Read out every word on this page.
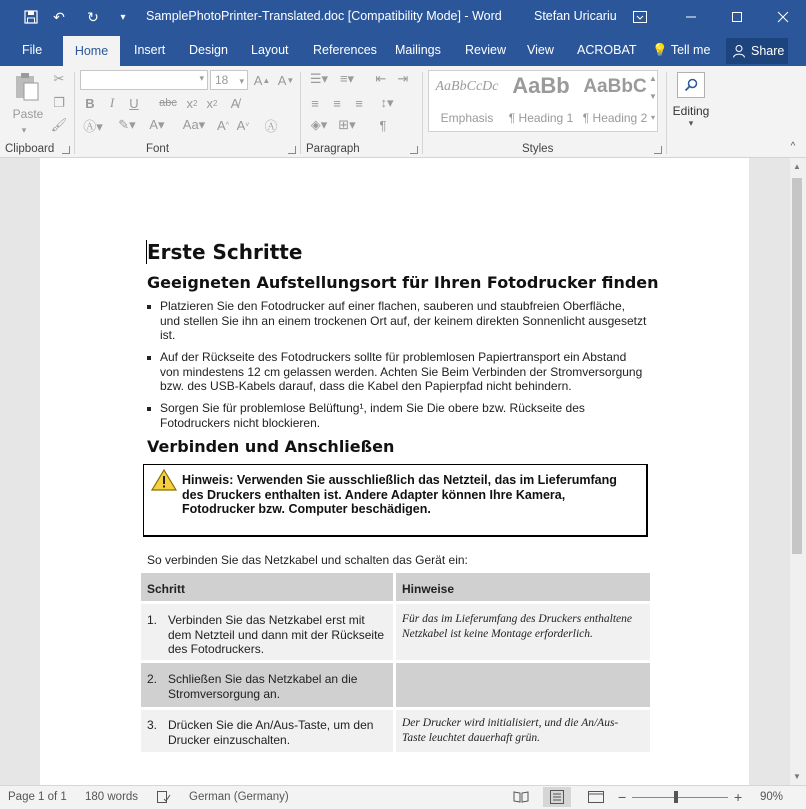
↶ ↻	▾	SamplePhotoPrinter-Translated.doc [Compatibility Mode] - Word	Stefan Uricariu
File	Home	Insert Design Layout References Mailings Review View ACROBAT 💡 Tell me	Share
Paste
▾
✂
❐
🖌
Clipboard
▾ 18 ▾ A ▲ A ▼
B	I	U	abc x 2 x 2	A̸
Ⓐ▾	✎▾	A▾	Aa▾ A ^ A ˅	Ⓐ
Font
☰▾ ≡▾	⇤ ⇥
≡	≡	≡	↕▾
◈▾ ⊞▾	¶
Paragraph
AaBbCcDc
Emphasis
AaBb
¶ Heading 1
AaBbC
¶ Heading 2
▲
▼
▾
Styles
Editing
▾
^
Erste Schritte
Geeigneten Aufstellungsort für Ihren Fotodrucker finden
Platzieren Sie den Fotodrucker auf einer flachen, sauberen und staubfreien Oberfläche, und stellen Sie ihn an einem trockenen Ort auf, der keinem direkten Sonnenlicht ausgesetzt ist.
Auf der Rückseite des Fotodruckers sollte für problemlosen Papiertransport ein Abstand von mindestens 12 cm gelassen werden. Achten Sie Beim Verbinden der Stromversorgung bzw. des USB-Kabels darauf, dass die Kabel den Papierpfad nicht behindern.
Sorgen Sie für problemlose Belüftung¹, indem Sie Die obere bzw. Rückseite des Fotodruckers nicht blockieren.
Verbinden und Anschließen
Hinweis: Verwenden Sie ausschließlich das Netzteil, das im Lieferumfang des Druckers enthalten ist. Andere Adapter können Ihre Kamera, Fotodrucker bzw. Computer beschädigen.
So verbinden Sie das Netzkabel und schalten das Gerät ein:
Schritt	Hinweise
1. Verbinden Sie das Netzkabel erst mit dem Netzteil und dann mit der Rückseite des Fotodruckers.
Für das im Lieferumfang des Druckers enthaltene Netzkabel ist keine Montage erforderlich.
2. Schließen Sie das Netzkabel an die Stromversorgung an.
3. Drücken Sie die An/Aus-Taste, um den Drucker einzuschalten.
Der Drucker wird initialisiert, und die An/Aus-Taste leuchtet dauerhaft grün.
▲
▼
Page 1 of 1 180 words	German (Germany)	−	+ 90%
